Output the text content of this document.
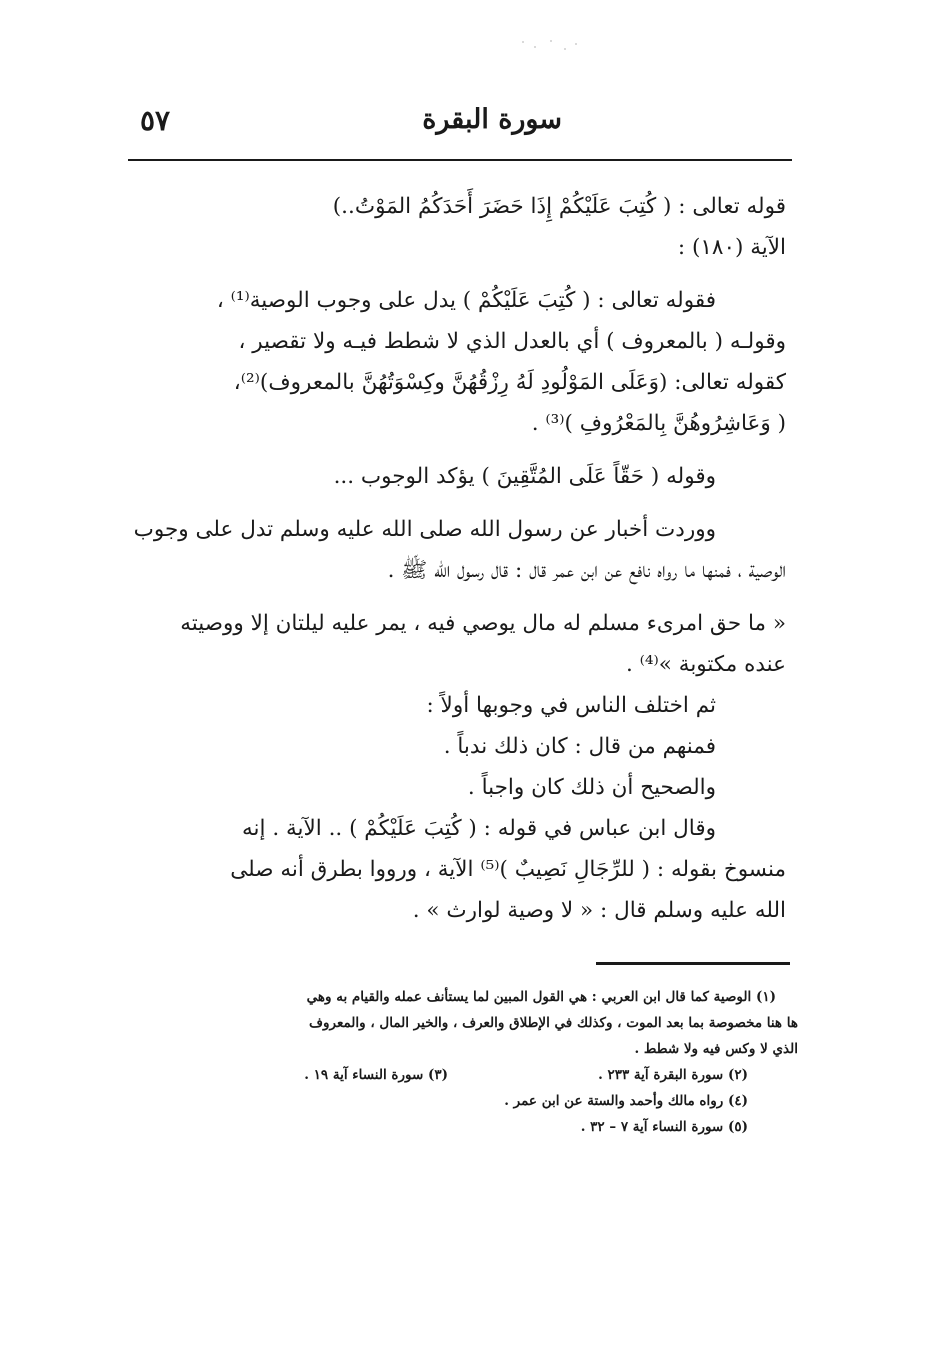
سورة البقرة
٥٧
قوله تعالى : ( كُتِبَ عَلَيْكُمْ إِذَا حَضَرَ أَحَدَكُمُ المَوْتُ..)
الآية (١٨٠) :
فقوله تعالى : ( كُتِبَ عَلَيْكُمْ ) يدل على وجوب الوصية⁽¹⁾ ،
وقولـه ( بالمعروف ) أي بالعدل الذي لا شطط فيـه ولا تقصير ،
كقوله تعالى: (وَعَلَى المَوْلُودِ لَهُ رِزْقُهُنَّ وكِسْوَتُهُنَّ بالمعروف)⁽²⁾،
( وَعَاشِرُوهُنَّ بِالمَعْرُوفِ )⁽³⁾ .
وقوله ( حَقّاً عَلَى المُتَّقِينَ ) يؤكد الوجوب ...
ووردت أخبار عن رسول الله صلى الله عليه وسلم تدل على وجوب
الوصية ، فمنها ما رواه نافع عن ابن عمر قال : قال رسول الله ﷺ .
« ما حق امرىء مسلم له مال يوصي فيه ، يمر عليه ليلتان إلا ووصيته
عنده مكتوبة »⁽⁴⁾ .
ثم اختلف الناس في وجوبها أولاً :
فمنهم من قال : كان ذلك ندباً .
والصحيح أن ذلك كان واجباً .
وقال ابن عباس في قوله : ( كُتِبَ عَلَيْكُمْ ) .. الآية . إنه
منسوخ بقوله : ( للرِّجَالِ نَصِيبٌ )⁽⁵⁾ الآية ، ورووا بطرق أنه صلى
الله عليه وسلم قال : « لا وصية لوارث » .
(١) الوصية كما قال ابن العربي : هي القول المبين لما يستأنف عمله والقيام به وهي
ها هنا مخصوصة بما بعد الموت ، وكذلك في الإطلاق والعرف ، والخير المال ، والمعروف
الذي لا وكس فيه ولا شطط .
(٢) سورة البقرة آية ٢٣٣ .
(٣) سورة النساء آية ١٩ .
(٤) رواه مالك وأحمد والستة عن ابن عمر .
(٥) سورة النساء آية ٧ – ٣٢ .
